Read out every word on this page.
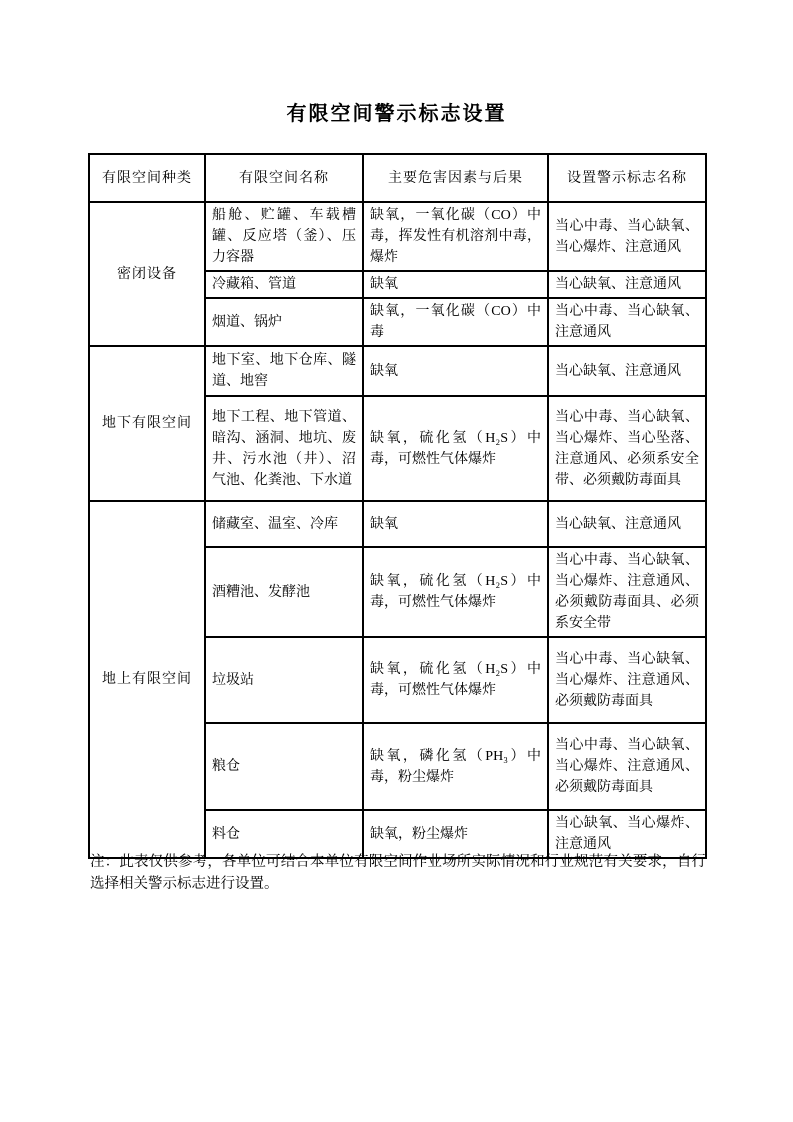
有限空间警示标志设置
有限空间种类	有限空间名称	主要危害因素与后果	设置警示标志名称
密闭设备	船舱、贮罐、车载槽罐、反应塔（釜）、压力容器	缺氧，一氧化碳（CO）中毒，挥发性有机溶剂中毒，爆炸	当心中毒、当心缺氧、当心爆炸、注意通风
	冷藏箱、管道	缺氧	当心缺氧、注意通风
	烟道、锅炉	缺氧，一氧化碳（CO）中毒	当心中毒、当心缺氧、注意通风
地下有限空间	地下室、地下仓库、隧道、地窖	缺氧	当心缺氧、注意通风
	地下工程、地下管道、暗沟、涵洞、地坑、废井、污水池（井）、沼气池、化粪池、下水道	缺氧，硫化氢（H₂S）中毒，可燃性气体爆炸	当心中毒、当心缺氧、当心爆炸、当心坠落、注意通风、必须系安全带、必须戴防毒面具
地上有限空间	储藏室、温室、冷库	缺氧	当心缺氧、注意通风
	酒糟池、发酵池	缺氧，硫化氢（H₂S）中毒，可燃性气体爆炸	当心中毒、当心缺氧、当心爆炸、注意通风、必须戴防毒面具、必须系安全带
	垃圾站	缺氧，硫化氢（H₂S）中毒，可燃性气体爆炸	当心中毒、当心缺氧、当心爆炸、注意通风、必须戴防毒面具
	粮仓	缺氧，磷化氢（PH₃）中毒，粉尘爆炸	当心中毒、当心缺氧、当心爆炸、注意通风、必须戴防毒面具
	料仓	缺氧，粉尘爆炸	当心缺氧、当心爆炸、注意通风
注：此表仅供参考，各单位可结合本单位有限空间作业场所实际情况和行业规范有关要求，自行选择相关警示标志进行设置。
